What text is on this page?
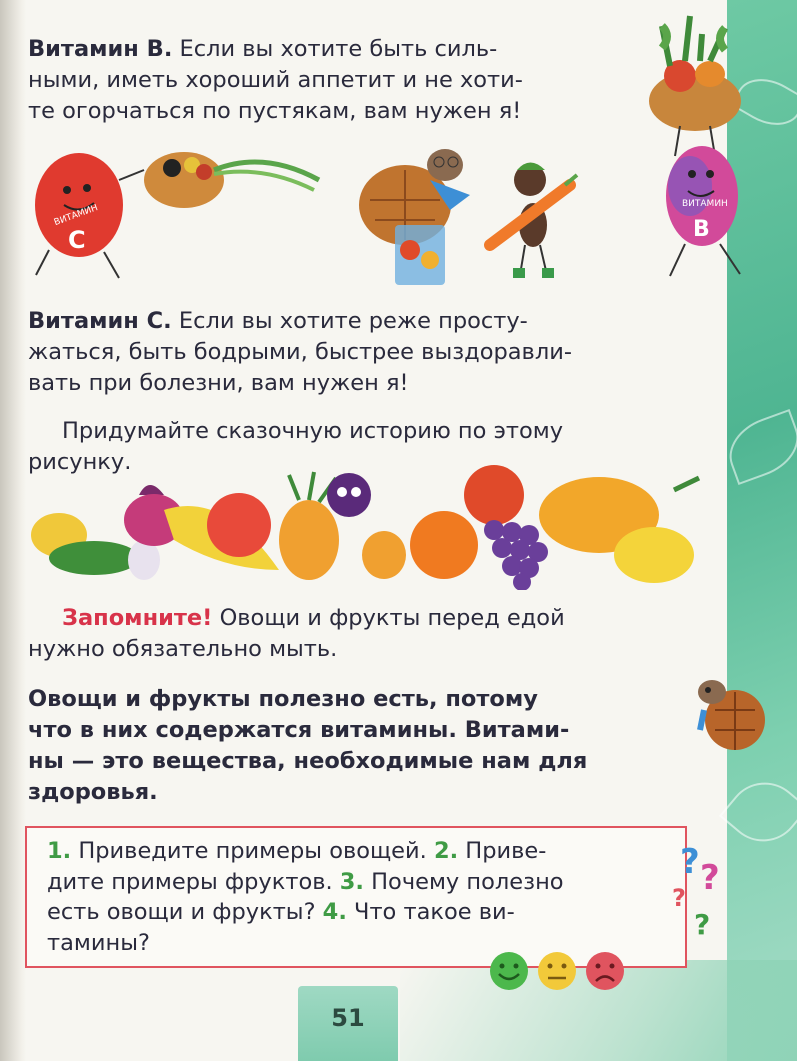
Витамин В. Если вы хотите быть силь-
ными, иметь хороший аппетит и не хоти-
те огорчаться по пустякам, вам нужен я!
ВИТАМИН
В
ВИТАМИН
С
Витамин С. Если вы хотите реже просту-
жаться, быть бодрыми, быстрее выздоравли-
вать при болезни, вам нужен я!
Придумайте сказочную историю по этому
рисунку.
Запомните! Овощи и фрукты перед едой
нужно обязательно мыть.
Овощи и фрукты полезно есть, потому
что в них содержатся витамины. Витами-
ны — это вещества, необходимые нам для
здоровья.
1. Приведите примеры овощей. 2. Приве-
дите примеры фруктов. 3. Почему полезно
есть овощи и фрукты? 4. Что такое ви-
тамины?
? ?
?
?
51
